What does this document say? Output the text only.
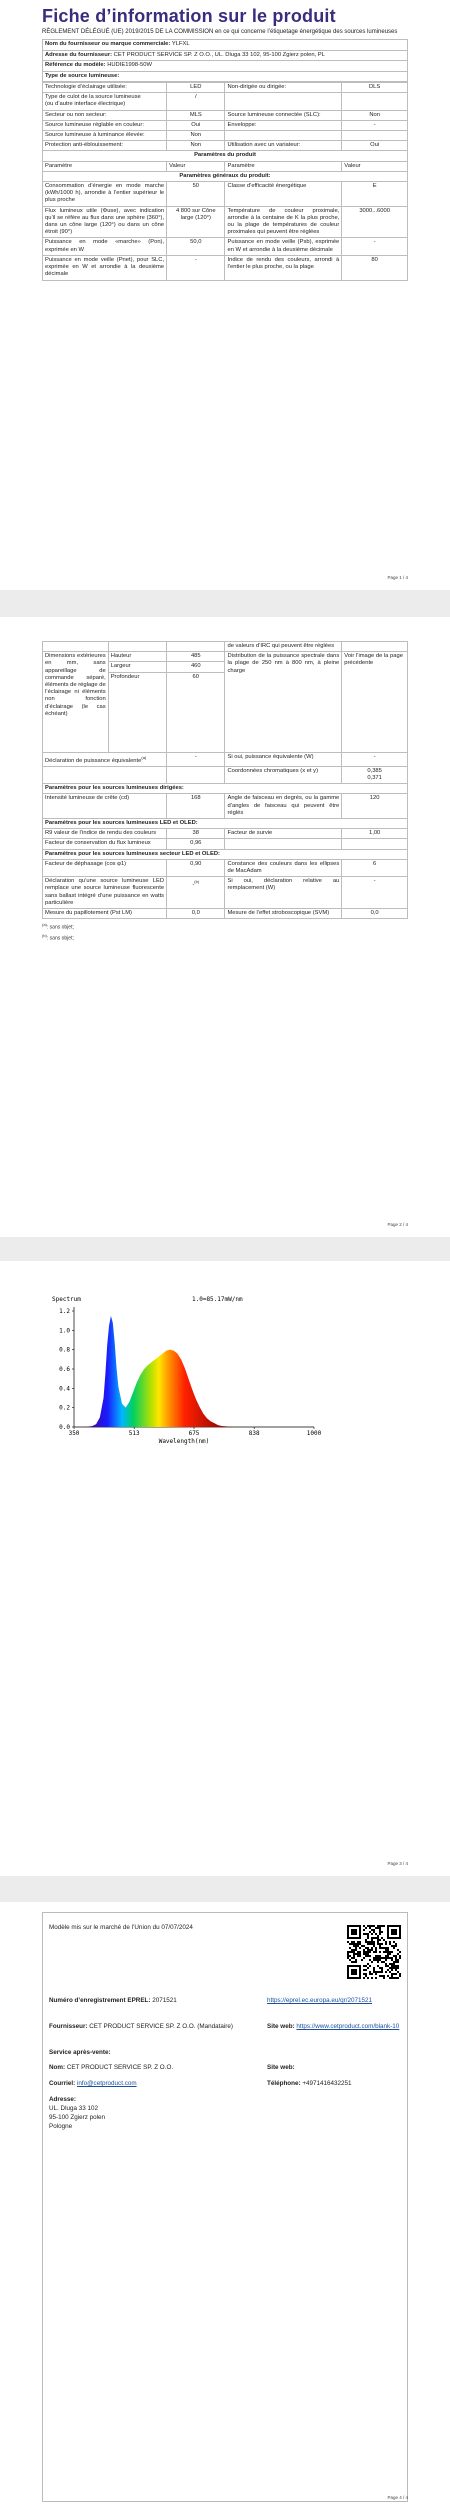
Fiche d’information sur le produit
RÈGLEMENT DÉLÉGUÉ (UE) 2019/2015 DE LA COMMISSION en ce qui concerne l’étiquetage énergétique des sources lumineuses
Nom du fournisseur ou marque commerciale: YLFXL
Adresse du fournisseur: CET PRODUCT SERVICE SP. Z O.O., UL. Dluga 33 102, 95-100 Zgierz polen, PL
Référence du modèle: HUDIE1998-50W
Type de source lumineuse:
Technologie d’éclairage utilisée:	LED	Non-dirigée ou dirigée:	DLS
Type de culot de la source lumineuse
(ou d’autre interface électrique)	/		
Secteur ou non secteur:	MLS	Source lumineuse connectée (SLC):	Non
Source lumineuse réglable en couleur:	Oui	Enveloppe:	-
Source lumineuse à luminance élevée:	Non		
Protection anti-éblouissement:	Non	Utilisation avec un variateur:	Oui
Paramètres du produit			
Paramètre	Valeur	Paramètre	Valeur
Paramètres généraux du produit:			
Consommation d’énergie en mode marche (kWh/1000 h), arrondie à l’entier supérieur le plus proche	50	Classe d’efficacité énergétique	E
Flux lumineux utile (Φuse), avec indication qu’il se réfère au flux dans une sphère (360°), dans un cône large (120°) ou dans un cône étroit (90°)	4 800 sur Cône large (120°)	Température de couleur proximale, arrondie à la centaine de K la plus proche, ou la plage de températures de couleur proximales qui peuvent être réglées	3000...6000
Puissance en mode «marche» (Pon), exprimée en W	50,0	Puissance en mode veille (Psb), exprimée en W et arrondie à la deuxième décimale	-
Puissance en mode veille (Pnet), pour SLC, exprimée en W et arrondie à la deuxième décimale	-	Indice de rendu des couleurs, arrondi à l’entier le plus proche, ou la plage	80
Page 1 / 4
			de valeurs d’IRC qui peuvent être réglées	
Dimensions extérieures en mm, sans appareillage de commande séparé, éléments de réglage de l’éclairage ni éléments non fonction d’éclairage (le cas échéant)	Hauteur	485	Distribution de la puissance spectrale dans la plage de 250 nm à 800 nm, à pleine charge	Voir l’image de la page précédente
	Largeur	460		
	Profondeur	60		
Déclaration de puissance équivalente$^{(a)}$		-	Si oui, puissance équivalente (W)	-
			Coordonnées chromatiques (x et y)	0,385
0,371

Paramètres pour les sources lumineuses dirigées:				
Intensité lumineuse de crête (cd)		168	Angle de faisceau en degrés, ou la gamme d’angles de faisceau qui peuvent être réglés	120
Paramètres pour les sources lumineuses LED et OLED:				
R9 valeur de l’indice de rendu des couleurs		38	Facteur de survie	1,00
Facteur de conservation du flux lumineux		0,96		
Paramètres pour les sources lumineuses secteur LED et OLED:				
Facteur de déphasage (cos φ1)		0,90	Constance des couleurs dans les ellipses de MacAdam	6
Déclaration qu’une source lumineuse LED remplace une source lumineuse fluorescente sans ballast intégré d’une puissance en watts particulière		-$^{(b)}$	Si oui, déclaration relative au remplacement (W)	-
Mesure du papillotement (Pst LM)		0,0	Mesure de l’effet stroboscopique (SVM)	0,0
$^{(a)}$: sans objet;
$^{(b)}$: sans objet;
Page 2 / 4
0.0
0.2
0.4
0.6
0.8
1.0
1.2
350	513	675	838	1000
Spectrum	1.0=85.17mW/nm
Wavelength(nm)
Page 3 / 4
Modèle mis sur le marché de l’Union du 07/07/2024
Numéro d’enregistrement EPREL: 2071521	https://eprel.ec.europa.eu/qr/2071521
Fournisseur: CET PRODUCT SERVICE SP. Z O.O. (Mandataire)	Site web: https://www.cetproduct.com/blank-10
Service après-vente:
Nom: CET PRODUCT SERVICE SP. Z O.O.	Site web:
Courriel: info@cetproduct.com	Téléphone: +4971416432251
Adresse:
UL. Dluga 33 102
95-100 Zgierz polen
Pologne
Page 4 / 4
